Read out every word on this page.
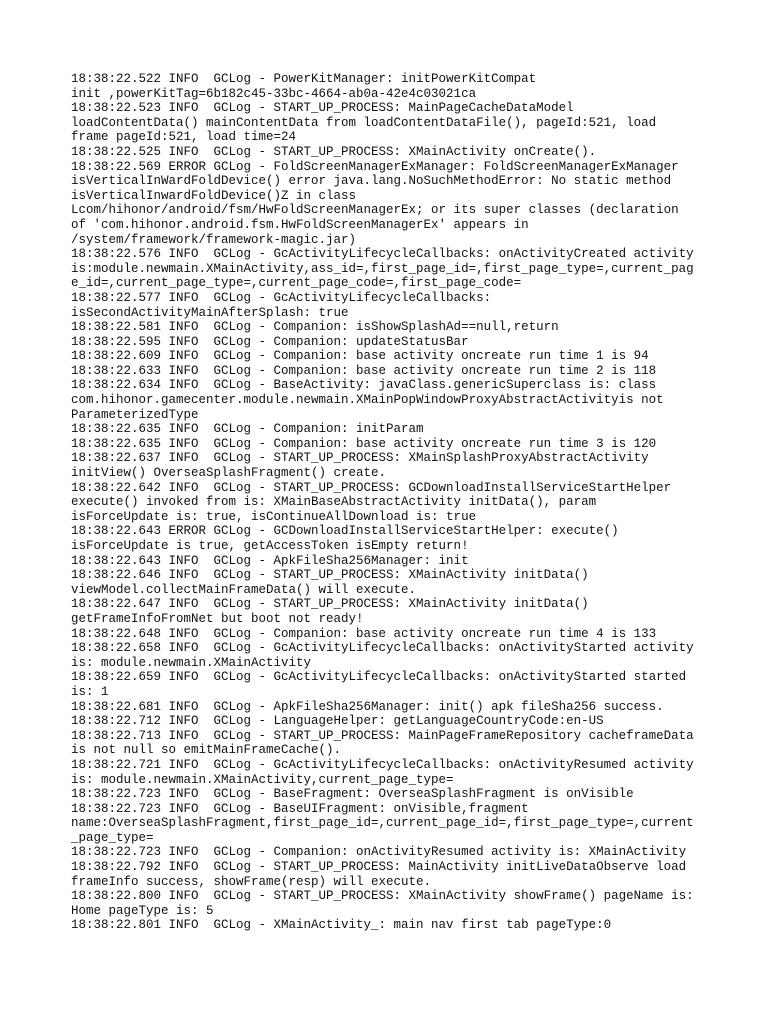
18:38:22.522 INFO  GCLog - PowerKitManager: initPowerKitCompat
init ,powerKitTag=6b182c45-33bc-4664-ab0a-42e4c03021ca
18:38:22.523 INFO  GCLog - START_UP_PROCESS: MainPageCacheDataModel
loadContentData() mainContentData from loadContentDataFile(), pageId:521, load
frame pageId:521, load time=24
18:38:22.525 INFO  GCLog - START_UP_PROCESS: XMainActivity onCreate().
18:38:22.569 ERROR GCLog - FoldScreenManagerExManager: FoldScreenManagerExManager
isVerticalInWardFoldDevice() error java.lang.NoSuchMethodError: No static method
isVerticalInwardFoldDevice()Z in class
Lcom/hihonor/android/fsm/HwFoldScreenManagerEx; or its super classes (declaration
of 'com.hihonor.android.fsm.HwFoldScreenManagerEx' appears in
/system/framework/framework-magic.jar)
18:38:22.576 INFO  GCLog - GcActivityLifecycleCallbacks: onActivityCreated activity
is:module.newmain.XMainActivity,ass_id=,first_page_id=,first_page_type=,current_pag
e_id=,current_page_type=,current_page_code=,first_page_code=
18:38:22.577 INFO  GCLog - GcActivityLifecycleCallbacks:
isSecondActivityMainAfterSplash: true
18:38:22.581 INFO  GCLog - Companion: isShowSplashAd==null,return
18:38:22.595 INFO  GCLog - Companion: updateStatusBar
18:38:22.609 INFO  GCLog - Companion: base activity oncreate run time 1 is 94
18:38:22.633 INFO  GCLog - Companion: base activity oncreate run time 2 is 118
18:38:22.634 INFO  GCLog - BaseActivity: javaClass.genericSuperclass is: class
com.hihonor.gamecenter.module.newmain.XMainPopWindowProxyAbstractActivityis not
ParameterizedType
18:38:22.635 INFO  GCLog - Companion: initParam
18:38:22.635 INFO  GCLog - Companion: base activity oncreate run time 3 is 120
18:38:22.637 INFO  GCLog - START_UP_PROCESS: XMainSplashProxyAbstractActivity
initView() OverseaSplashFragment() create.
18:38:22.642 INFO  GCLog - START_UP_PROCESS: GCDownloadInstallServiceStartHelper
execute() invoked from is: XMainBaseAbstractActivity initData(), param
isForceUpdate is: true, isContinueAllDownload is: true
18:38:22.643 ERROR GCLog - GCDownloadInstallServiceStartHelper: execute()
isForceUpdate is true, getAccessToken isEmpty return!
18:38:22.643 INFO  GCLog - ApkFileSha256Manager: init
18:38:22.646 INFO  GCLog - START_UP_PROCESS: XMainActivity initData()
viewModel.collectMainFrameData() will execute.
18:38:22.647 INFO  GCLog - START_UP_PROCESS: XMainActivity initData()
getFrameInfoFromNet but boot not ready!
18:38:22.648 INFO  GCLog - Companion: base activity oncreate run time 4 is 133
18:38:22.658 INFO  GCLog - GcActivityLifecycleCallbacks: onActivityStarted activity
is: module.newmain.XMainActivity
18:38:22.659 INFO  GCLog - GcActivityLifecycleCallbacks: onActivityStarted started
is: 1
18:38:22.681 INFO  GCLog - ApkFileSha256Manager: init() apk fileSha256 success.
18:38:22.712 INFO  GCLog - LanguageHelper: getLanguageCountryCode:en-US
18:38:22.713 INFO  GCLog - START_UP_PROCESS: MainPageFrameRepository cacheframeData
is not null so emitMainFrameCache().
18:38:22.721 INFO  GCLog - GcActivityLifecycleCallbacks: onActivityResumed activity
is: module.newmain.XMainActivity,current_page_type=
18:38:22.723 INFO  GCLog - BaseFragment: OverseaSplashFragment is onVisible
18:38:22.723 INFO  GCLog - BaseUIFragment: onVisible,fragment
name:OverseaSplashFragment,first_page_id=,current_page_id=,first_page_type=,current
_page_type=
18:38:22.723 INFO  GCLog - Companion: onActivityResumed activity is: XMainActivity
18:38:22.792 INFO  GCLog - START_UP_PROCESS: MainActivity initLiveDataObserve load
frameInfo success, showFrame(resp) will execute.
18:38:22.800 INFO  GCLog - START_UP_PROCESS: XMainActivity showFrame() pageName is:
Home pageType is: 5
18:38:22.801 INFO  GCLog - XMainActivity_: main nav first tab pageType:0
